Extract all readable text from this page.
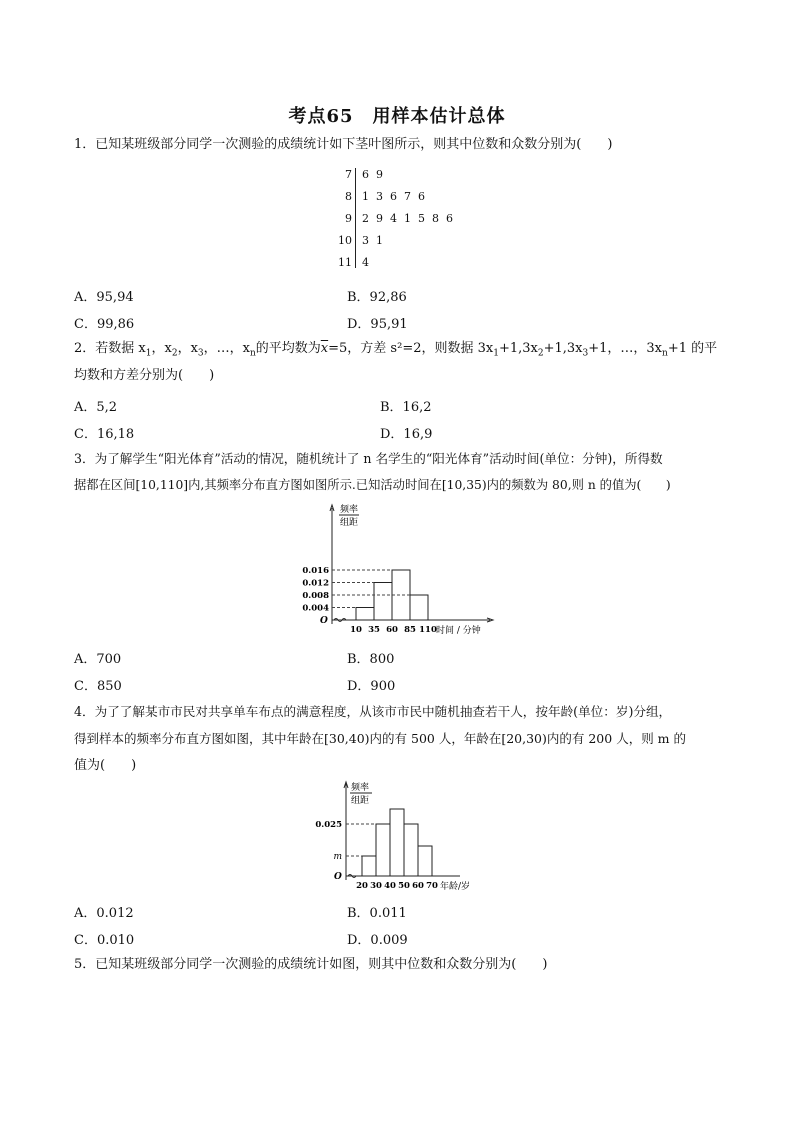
考点65　用样本估计总体
1．已知某班级部分同学一次测验的成绩统计如下茎叶图所示，则其中位数和众数分别为(　　)
7 6  9
8 1  3  6  7  6
9 2  9  4  1  5  8  6
10 3  1
11 4
A．95,94	B．92,86
C．99,86	D．95,91
2．若数据 $x_1$，$x_2$，$x_3$，…，$x_n$的平均数为$\overline{x}=5$，方差 s²=2，则数据 $3x_1+1,3x_2+1,3x_3+1$，…，$3x_n+1$ 的平
均数和方差分别为(　　)
A．5,2	B．16,2
C．16,18	D．16,9
3．为了解学生“阳光体育”活动的情况，随机统计了 n 名学生的“阳光体育”活动时间(单位：分钟)，所得数
据都在区间[10,110]内,其频率分布直方图如图所示.已知活动时间在[10,35)内的频数为 80,则 n 的值为(　　)
频率
组距
O
0.016
0.012
0.008
0.004
10 35 60 85 110 时间 / 分钟
A．700	B．800
C．850	D．900
4．为了了解某市市民对共享单车布点的满意程度，从该市市民中随机抽查若干人，按年龄(单位：岁)分组，
得到样本的频率分布直方图如图，其中年龄在[30,40)内的有 500 人，年龄在[20,30)内的有 200 人，则 m 的
值为(　　)
频率
组距
O
0.025
m
20 30 40 50 60 70 年龄/岁
A．0.012	B．0.011
C．0.010	D．0.009
5．已知某班级部分同学一次测验的成绩统计如图，则其中位数和众数分别为(　　)
